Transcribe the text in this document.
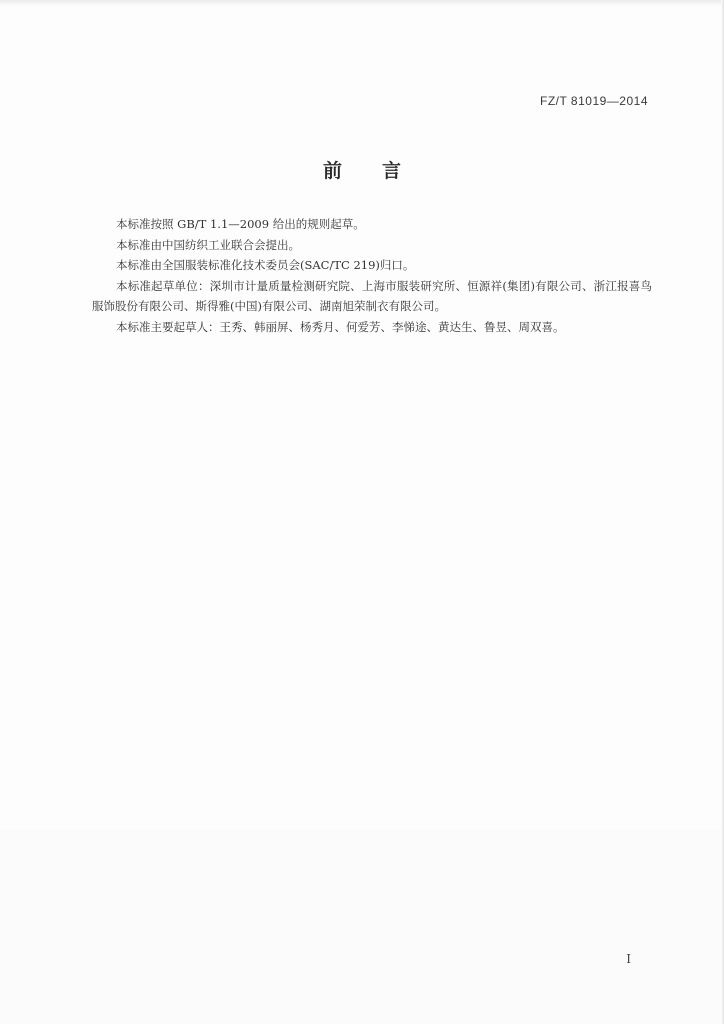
FZ/T 81019—2014
前 言

本标准按照 GB/T 1.1—2009 给出的规则起草。

本标准由中国纺织工业联合会提出。

本标准由全国服装标准化技术委员会(SAC/TC 219)归口。

本标准起草单位：深圳市计量质量检测研究院、上海市服装研究所、恒源祥(集团)有限公司、浙江报喜鸟服饰股份有限公司、斯得雅(中国)有限公司、湖南旭荣制衣有限公司。

本标准主要起草人：王秀、韩丽屏、杨秀月、何爱芳、李悌途、黄达生、鲁昱、周双喜。

I
